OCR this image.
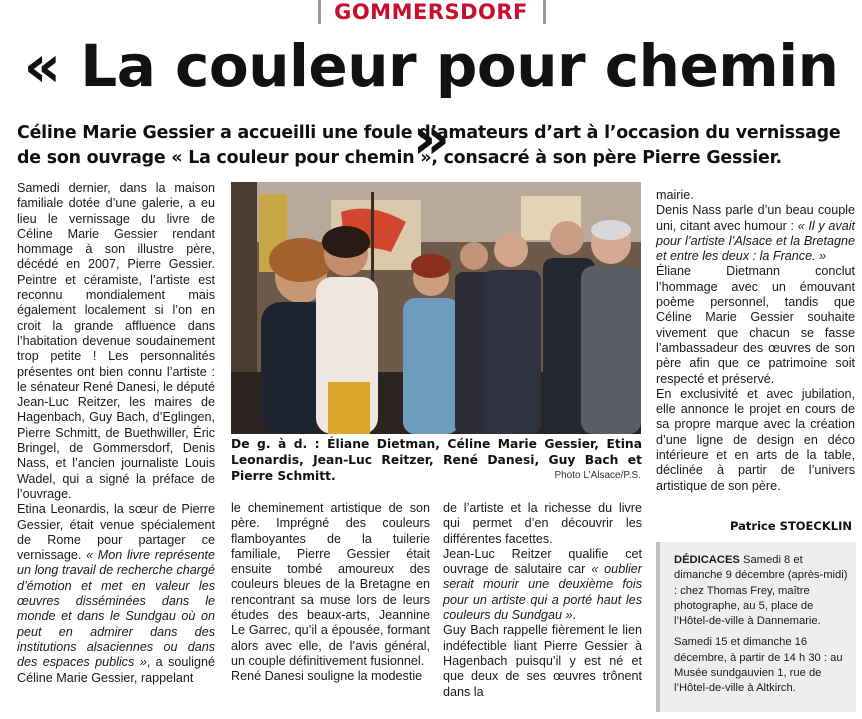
GOMMERSDORF
« La couleur pour chemin »
Céline Marie Gessier a accueilli une foule d’amateurs d’art à l’occasion du vernissage de son ouvrage « La couleur pour chemin », consacré à son père Pierre Gessier.

Samedi dernier, dans la maison familiale dotée d’une galerie, a eu lieu le vernissage du livre de Céline Marie Gessier rendant hommage à son illustre père, décédé en 2007, Pierre Gessier. Peintre et céramiste, l’artiste est reconnu mondialement mais également localement si l’on en croit la grande affluence dans l’habitation devenue soudainement trop petite ! Les personnalités présentes ont bien connu l’artiste : le sénateur René Danesi, le député Jean-Luc Reitzer, les maires de Hagenbach, Guy Bach, d’Eglingen, Pierre Schmitt, de Buethwiller, Éric Bringel, de Gommersdorf, Denis Nass, et l’ancien journaliste Louis Wadel, qui a signé la préface de l’ouvrage.

Etina Leonardis, la sœur de Pierre Gessier, était venue spécialement de Rome pour partager ce vernissage. « Mon livre représente un long travail de recherche chargé d’émotion et met en valeur les œuvres disséminées dans le monde et dans le Sundgau où on peut en admirer dans des institutions alsaciennes ou dans des espaces publics », a souligné Céline Marie Gessier, rappelant

De g. à d. : Éliane Dietman, Céline Marie Gessier, Etina Leonardis, Jean-Luc Reitzer, René Danesi, Guy Bach et Pierre Schmitt.	Photo L’Alsace/P.S.

le cheminement artistique de son père. Imprégné des couleurs flamboyantes de la tuilerie familiale, Pierre Gessier était ensuite tombé amoureux des couleurs bleues de la Bretagne en rencontrant sa muse lors de leurs études des beaux-arts, Jeannine Le Garrec, qu’il a épousée, formant alors avec elle, de l’avis général, un couple définitivement fusionnel.

René Danesi souligne la modestie

de l’artiste et la richesse du livre qui permet d’en découvrir les différentes facettes.

Jean-Luc Reitzer qualifie cet ouvrage de salutaire car « oublier serait mourir une deuxième fois pour un artiste qui a porté haut les couleurs du Sundgau ».

Guy Bach rappelle fièrement le lien indéfectible liant Pierre Gessier à Hagenbach puisqu’il y est né et que deux de ses œuvres trônent dans la

mairie.

Denis Nass parle d’un beau couple uni, citant avec humour : « Il y avait pour l’artiste l’Alsace et la Bretagne et entre les deux : la France. »

Éliane Dietmann conclut l’hommage avec un émouvant poème personnel, tandis que Céline Marie Gessier souhaite vivement que chacun se fasse l’ambassadeur des œuvres de son père afin que ce patrimoine soit respecté et préservé.

En exclusivité et avec jubilation, elle annonce le projet en cours de sa propre marque avec la création d’une ligne de design en déco intérieure et en arts de la table, déclinée à partir de l’univers artistique de son père.

Patrice STOECKLIN

DÉDICACES Samedi 8 et dimanche 9 décembre (après-midi) : chez Thomas Frey, maître photographe, au 5, place de l’Hôtel-de-ville à Dannemarie.

Samedi 15 et dimanche 16 décembre, à partir de 14 h 30 : au Musée sundgauvien 1, rue de l’Hôtel-de-ville à Altkirch.
